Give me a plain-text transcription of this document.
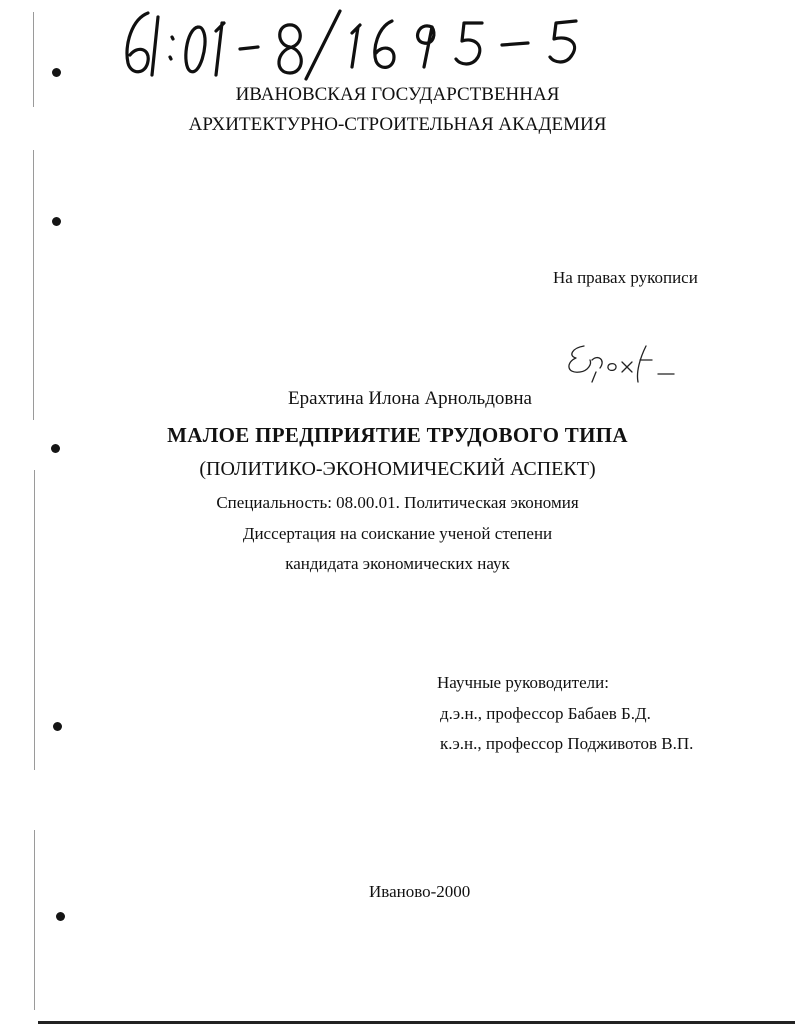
ИВАНОВСКАЯ ГОСУДАРСТВЕННАЯ
АРХИТЕКТУРНО-СТРОИТЕЛЬНАЯ АКАДЕМИЯ
На правах рукописи
Ерахтина Илона Арнольдовна
МАЛОЕ ПРЕДПРИЯТИЕ ТРУДОВОГО ТИПА
(ПОЛИТИКО-ЭКОНОМИЧЕСКИЙ АСПЕКТ)
Специальность: 08.00.01. Политическая экономия
Диссертация на соискание ученой степени
кандидата экономических наук
Научные руководители:
д.э.н., профессор Бабаев Б.Д.
к.э.н., профессор Подживотов В.П.
Иваново-2000
